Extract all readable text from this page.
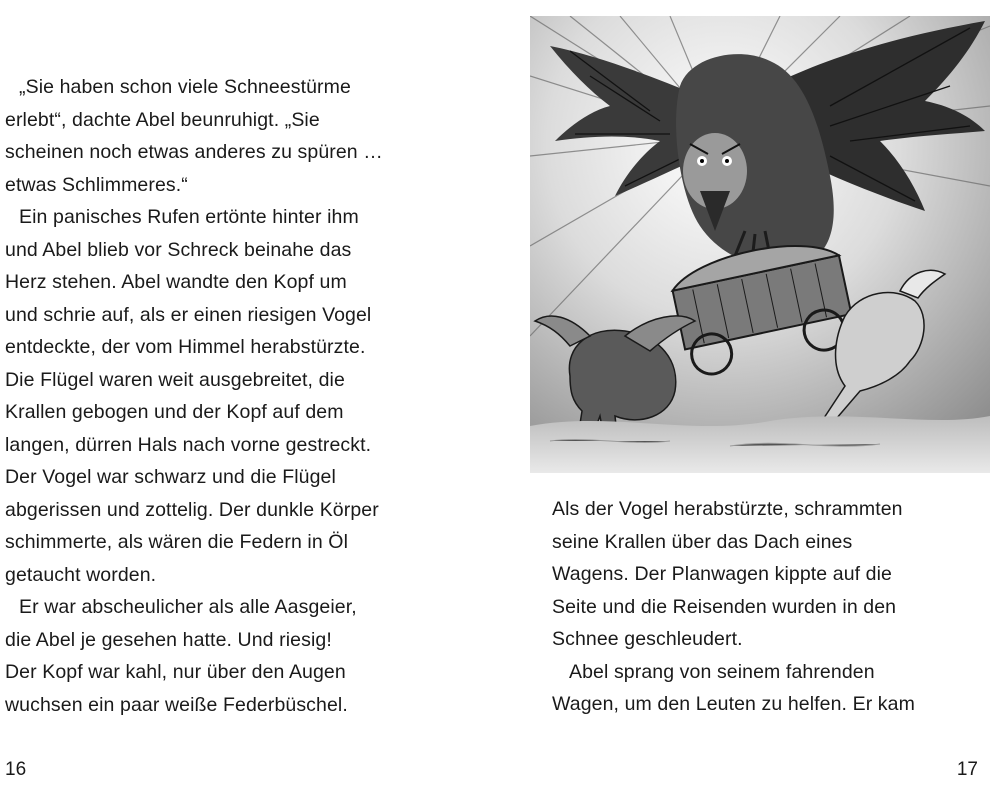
„Sie haben schon viele Schneestürme
erlebt“, dachte Abel beunruhigt. „Sie
scheinen noch etwas anderes zu spüren …
etwas Schlimmeres.“

Ein panisches Rufen ertönte hinter ihm
und Abel blieb vor Schreck beinahe das
Herz stehen. Abel wandte den Kopf um
und schrie auf, als er einen riesigen Vogel
entdeckte, der vom Himmel herabstürzte.
Die Flügel waren weit ausgebreitet, die
Krallen gebogen und der Kopf auf dem
langen, dürren Hals nach vorne gestreckt.
Der Vogel war schwarz und die Flügel
abgerissen und zottelig. Der dunkle Körper
schimmerte, als wären die Federn in Öl
getaucht worden.

Er war abscheulicher als alle Aasgeier,
die Abel je gesehen hatte. Und riesig!
Der Kopf war kahl, nur über den Augen
wuchsen ein paar weiße Federbüschel.

16

Als der Vogel herabstürzte, schrammten
seine Krallen über das Dach eines
Wagens. Der Planwagen kippte auf die
Seite und die Reisenden wurden in den
Schnee geschleudert.

Abel sprang von seinem fahrenden
Wagen, um den Leuten zu helfen. Er kam

17
